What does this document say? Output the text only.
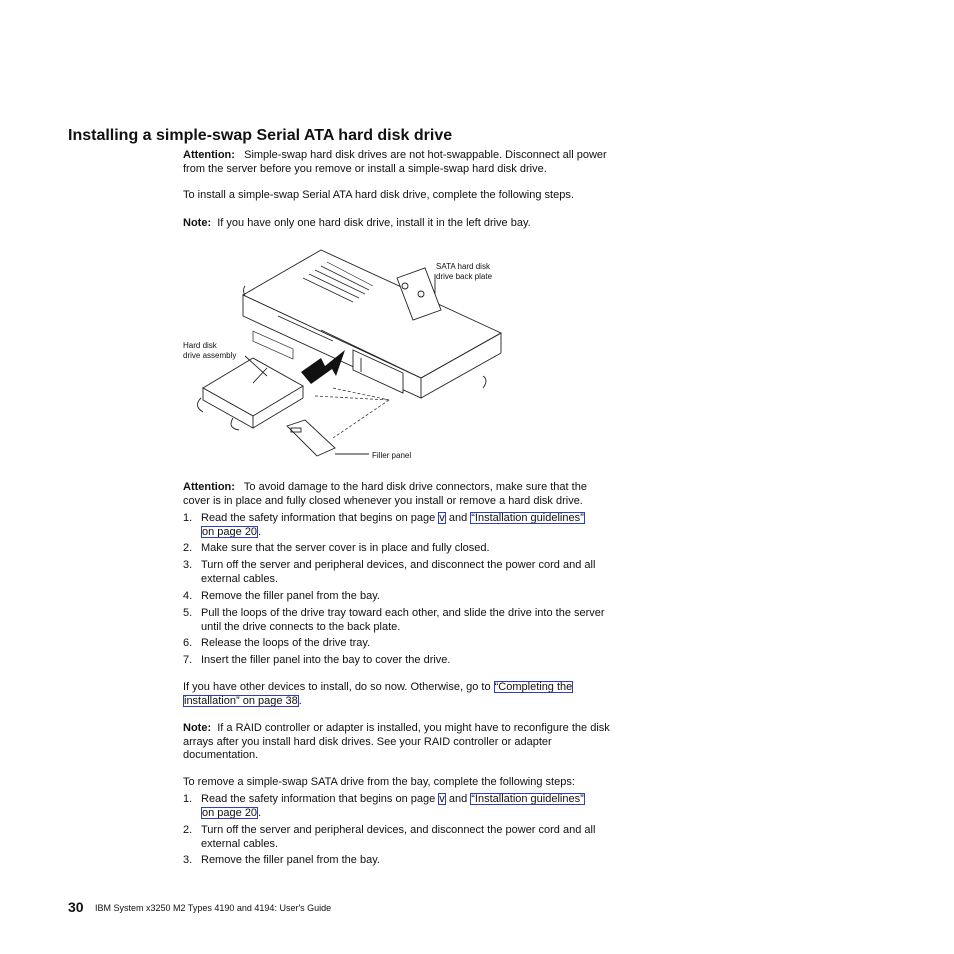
Installing a simple-swap Serial ATA hard disk drive
Attention: Simple-swap hard disk drives are not hot-swappable. Disconnect all power from the server before you remove or install a simple-swap hard disk drive.
To install a simple-swap Serial ATA hard disk drive, complete the following steps.
Note: If you have only one hard disk drive, install it in the left drive bay.
SATA hard disk
drive back plate
Hard disk
drive assembly
Filler panel
Attention: To avoid damage to the hard disk drive connectors, make sure that the cover is in place and fully closed whenever you install or remove a hard disk drive.
1. Read the safety information that begins on page v and “Installation guidelines”
on page 20.
2. Make sure that the server cover is in place and fully closed.
3. Turn off the server and peripheral devices, and disconnect the power cord and all external cables.
4. Remove the filler panel from the bay.
5. Pull the loops of the drive tray toward each other, and slide the drive into the server until the drive connects to the back plate.
6. Release the loops of the drive tray.
7. Insert the filler panel into the bay to cover the drive.
If you have other devices to install, do so now. Otherwise, go to “Completing the
installation” on page 38.
Note: If a RAID controller or adapter is installed, you might have to reconfigure the disk arrays after you install hard disk drives. See your RAID controller or adapter documentation.
To remove a simple-swap SATA drive from the bay, complete the following steps:
1. Read the safety information that begins on page v and “Installation guidelines”
on page 20.
2. Turn off the server and peripheral devices, and disconnect the power cord and all external cables.
3. Remove the filler panel from the bay.
30 IBM System x3250 M2 Types 4190 and 4194: User's Guide
